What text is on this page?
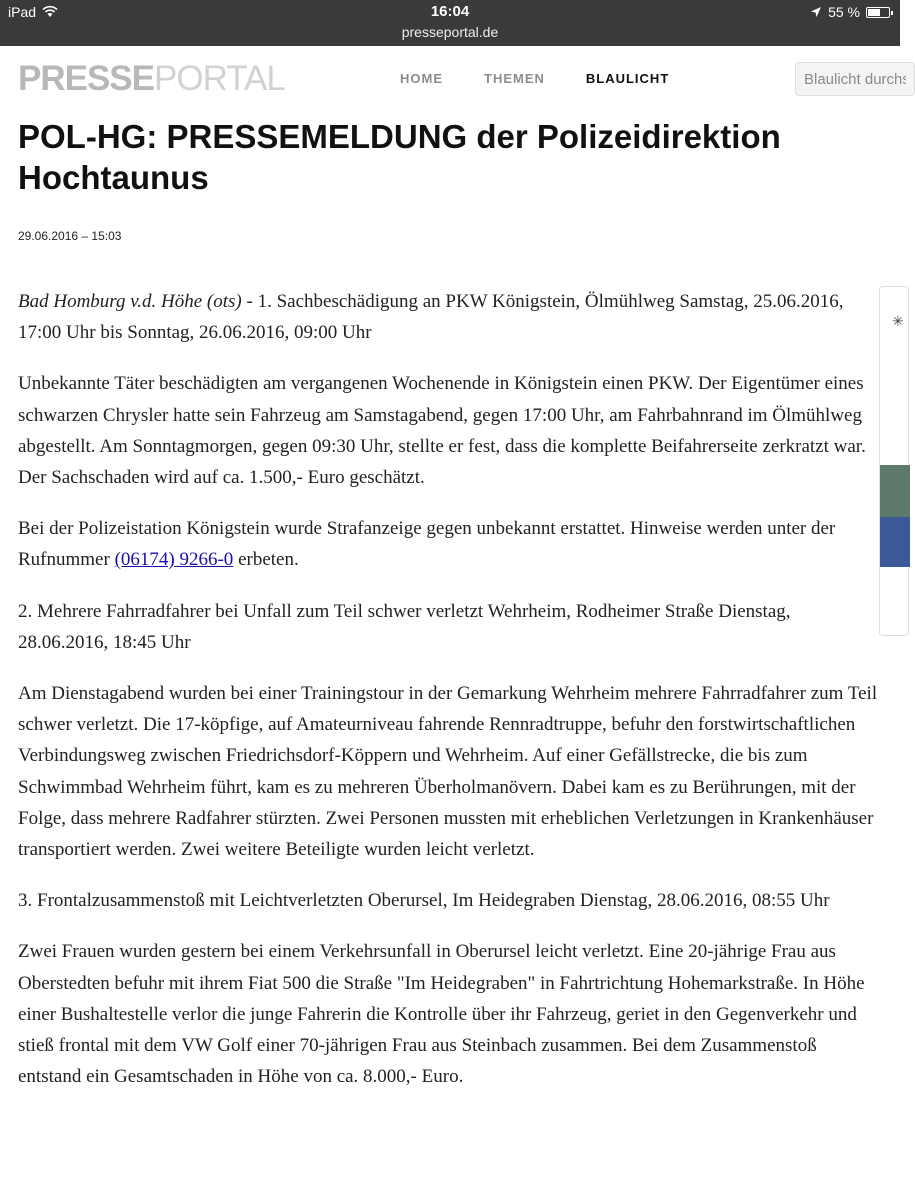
iPad	16:04	55 %
presseportal.de
PRESSEPORTAL	HOME	THEMEN	BLAULICHT
Blaulicht durchsuchen
POL-HG: PRESSEMELDUNG der Polizeidirektion Hochtaunus
29.06.2016 – 15:03

Bad Homburg v.d. Höhe (ots) - 1. Sachbeschädigung an PKW Königstein, Ölmühlweg Samstag, 25.06.2016, 17:00 Uhr bis Sonntag, 26.06.2016, 09:00 Uhr

Unbekannte Täter beschädigten am vergangenen Wochenende in Königstein einen PKW. Der Eigentümer eines schwarzen Chrysler hatte sein Fahrzeug am Samstagabend, gegen 17:00 Uhr, am Fahrbahnrand im Ölmühlweg abgestellt. Am Sonntagmorgen, gegen 09:30 Uhr, stellte er fest, dass die komplette Beifahrerseite zerkratzt war. Der Sachschaden wird auf ca. 1.500,- Euro geschätzt.

Bei der Polizeistation Königstein wurde Strafanzeige gegen unbekannt erstattet. Hinweise werden unter der Rufnummer (06174) 9266-0 erbeten.

2. Mehrere Fahrradfahrer bei Unfall zum Teil schwer verletzt Wehrheim, Rodheimer Straße Dienstag, 28.06.2016, 18:45 Uhr

Am Dienstagabend wurden bei einer Trainingstour in der Gemarkung Wehrheim mehrere Fahrradfahrer zum Teil schwer verletzt. Die 17-köpfige, auf Amateurniveau fahrende Rennradtruppe, befuhr den forstwirtschaftlichen Verbindungsweg zwischen Friedrichsdorf-Köppern und Wehrheim. Auf einer Gefällstrecke, die bis zum Schwimmbad Wehrheim führt, kam es zu mehreren Überholmanövern. Dabei kam es zu Berührungen, mit der Folge, dass mehrere Radfahrer stürzten. Zwei Personen mussten mit erheblichen Verletzungen in Krankenhäuser transportiert werden. Zwei weitere Beteiligte wurden leicht verletzt.

3. Frontalzusammenstoß mit Leichtverletzten Oberursel, Im Heidegraben Dienstag, 28.06.2016, 08:55 Uhr

Zwei Frauen wurden gestern bei einem Verkehrsunfall in Oberursel leicht verletzt. Eine 20-jährige Frau aus Oberstedten befuhr mit ihrem Fiat 500 die Straße "Im Heidegraben" in Fahrtrichtung Hohemarkstraße. In Höhe einer Bushaltestelle verlor die junge Fahrerin die Kontrolle über ihr Fahrzeug, geriet in den Gegenverkehr und stieß frontal mit dem VW Golf einer 70-jährigen Frau aus Steinbach zusammen. Bei dem Zusammenstoß entstand ein Gesamtschaden in Höhe von ca. 8.000,- Euro.

✳
